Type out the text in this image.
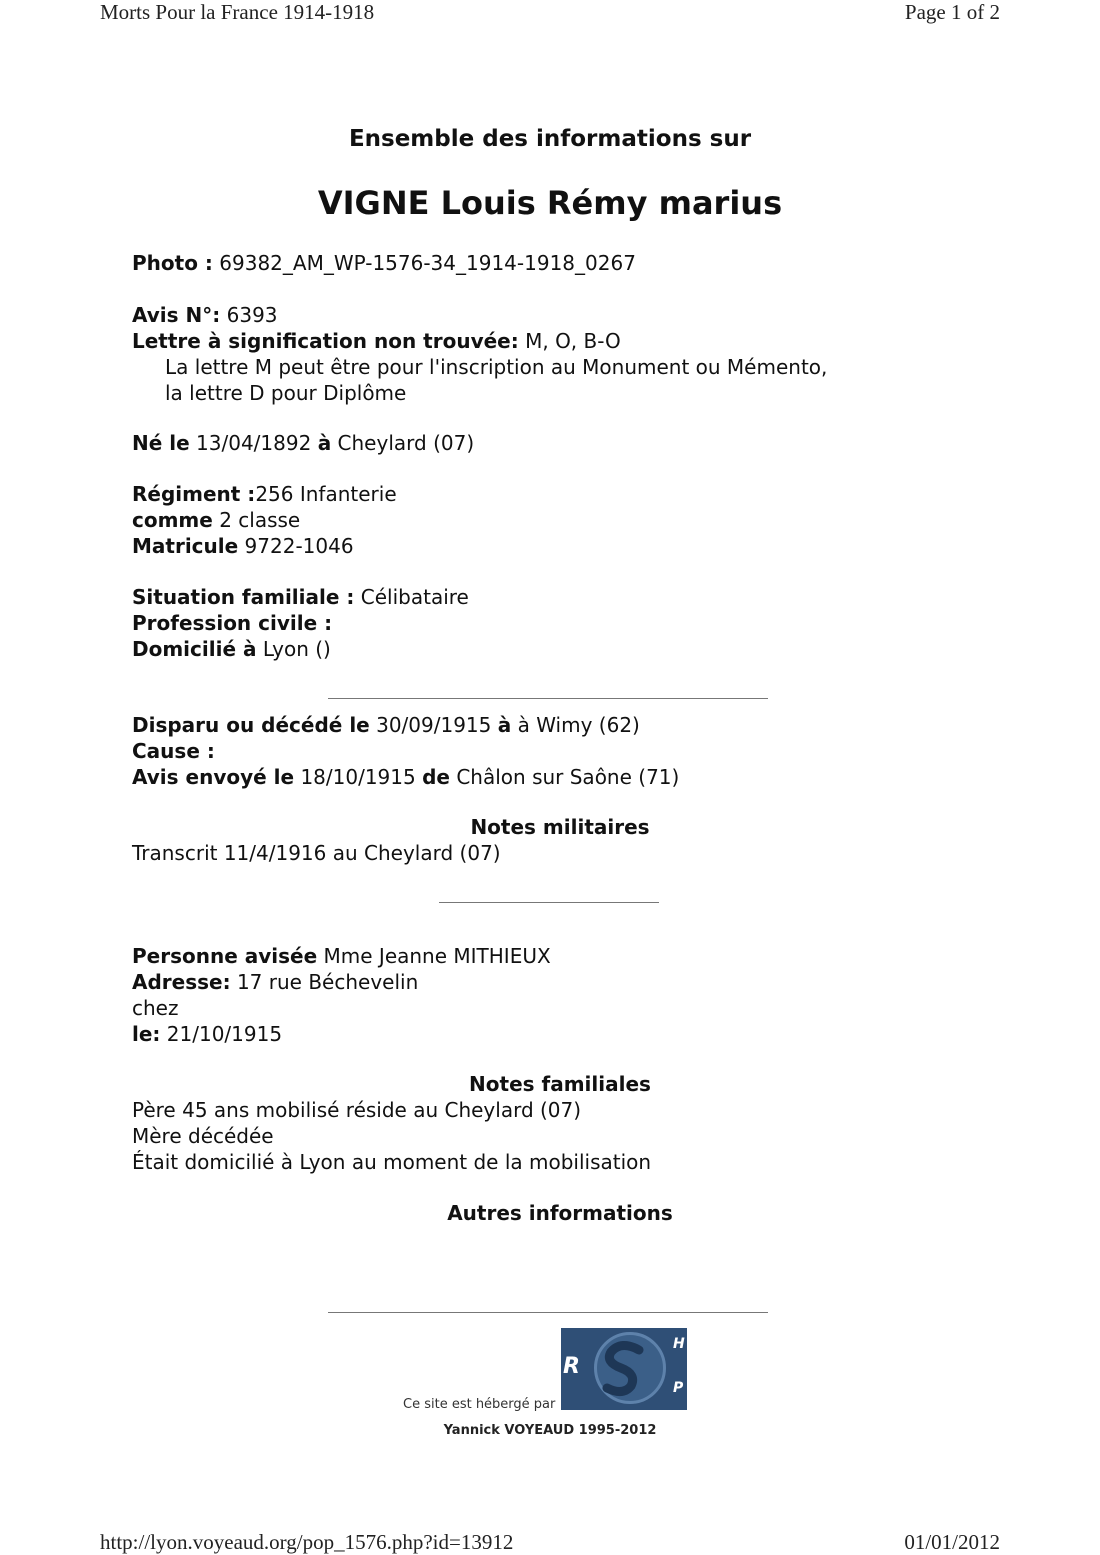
Morts Pour la France 1914-1918	Page 1 of 2
Ensemble des informations sur
VIGNE Louis Rémy marius
Photo : 69382_AM_WP-1576-34_1914-1918_0267
Avis N°: 6393
Lettre à signification non trouvée: M, O, B-O
La lettre M peut être pour l'inscription au Monument ou Mémento,
la lettre D pour Diplôme
Né le 13/04/1892 à Cheylard (07)
Régiment :256 Infanterie
comme 2 classe
Matricule 9722-1046
Situation familiale : Célibataire
Profession civile :
Domicilié à Lyon ()
Disparu ou décédé le 30/09/1915 à à Wimy (62)
Cause :
Avis envoyé le 18/10/1915 de Châlon sur Saône (71)
Notes militaires
Transcrit 11/4/1916 au Cheylard (07)
Personne avisée Mme Jeanne MITHIEUX
Adresse: 17 rue Béchevelin
chez
le: 21/10/1915
Notes familiales
Père 45 ans mobilisé réside au Cheylard (07)
Mère décédée
Était domicilié à Lyon au moment de la mobilisation
Autres informations
Ce site est hébergé par
R
H
P
Yannick VOYEAUD 1995-2012
http://lyon.voyeaud.org/pop_1576.php?id=13912	01/01/2012
